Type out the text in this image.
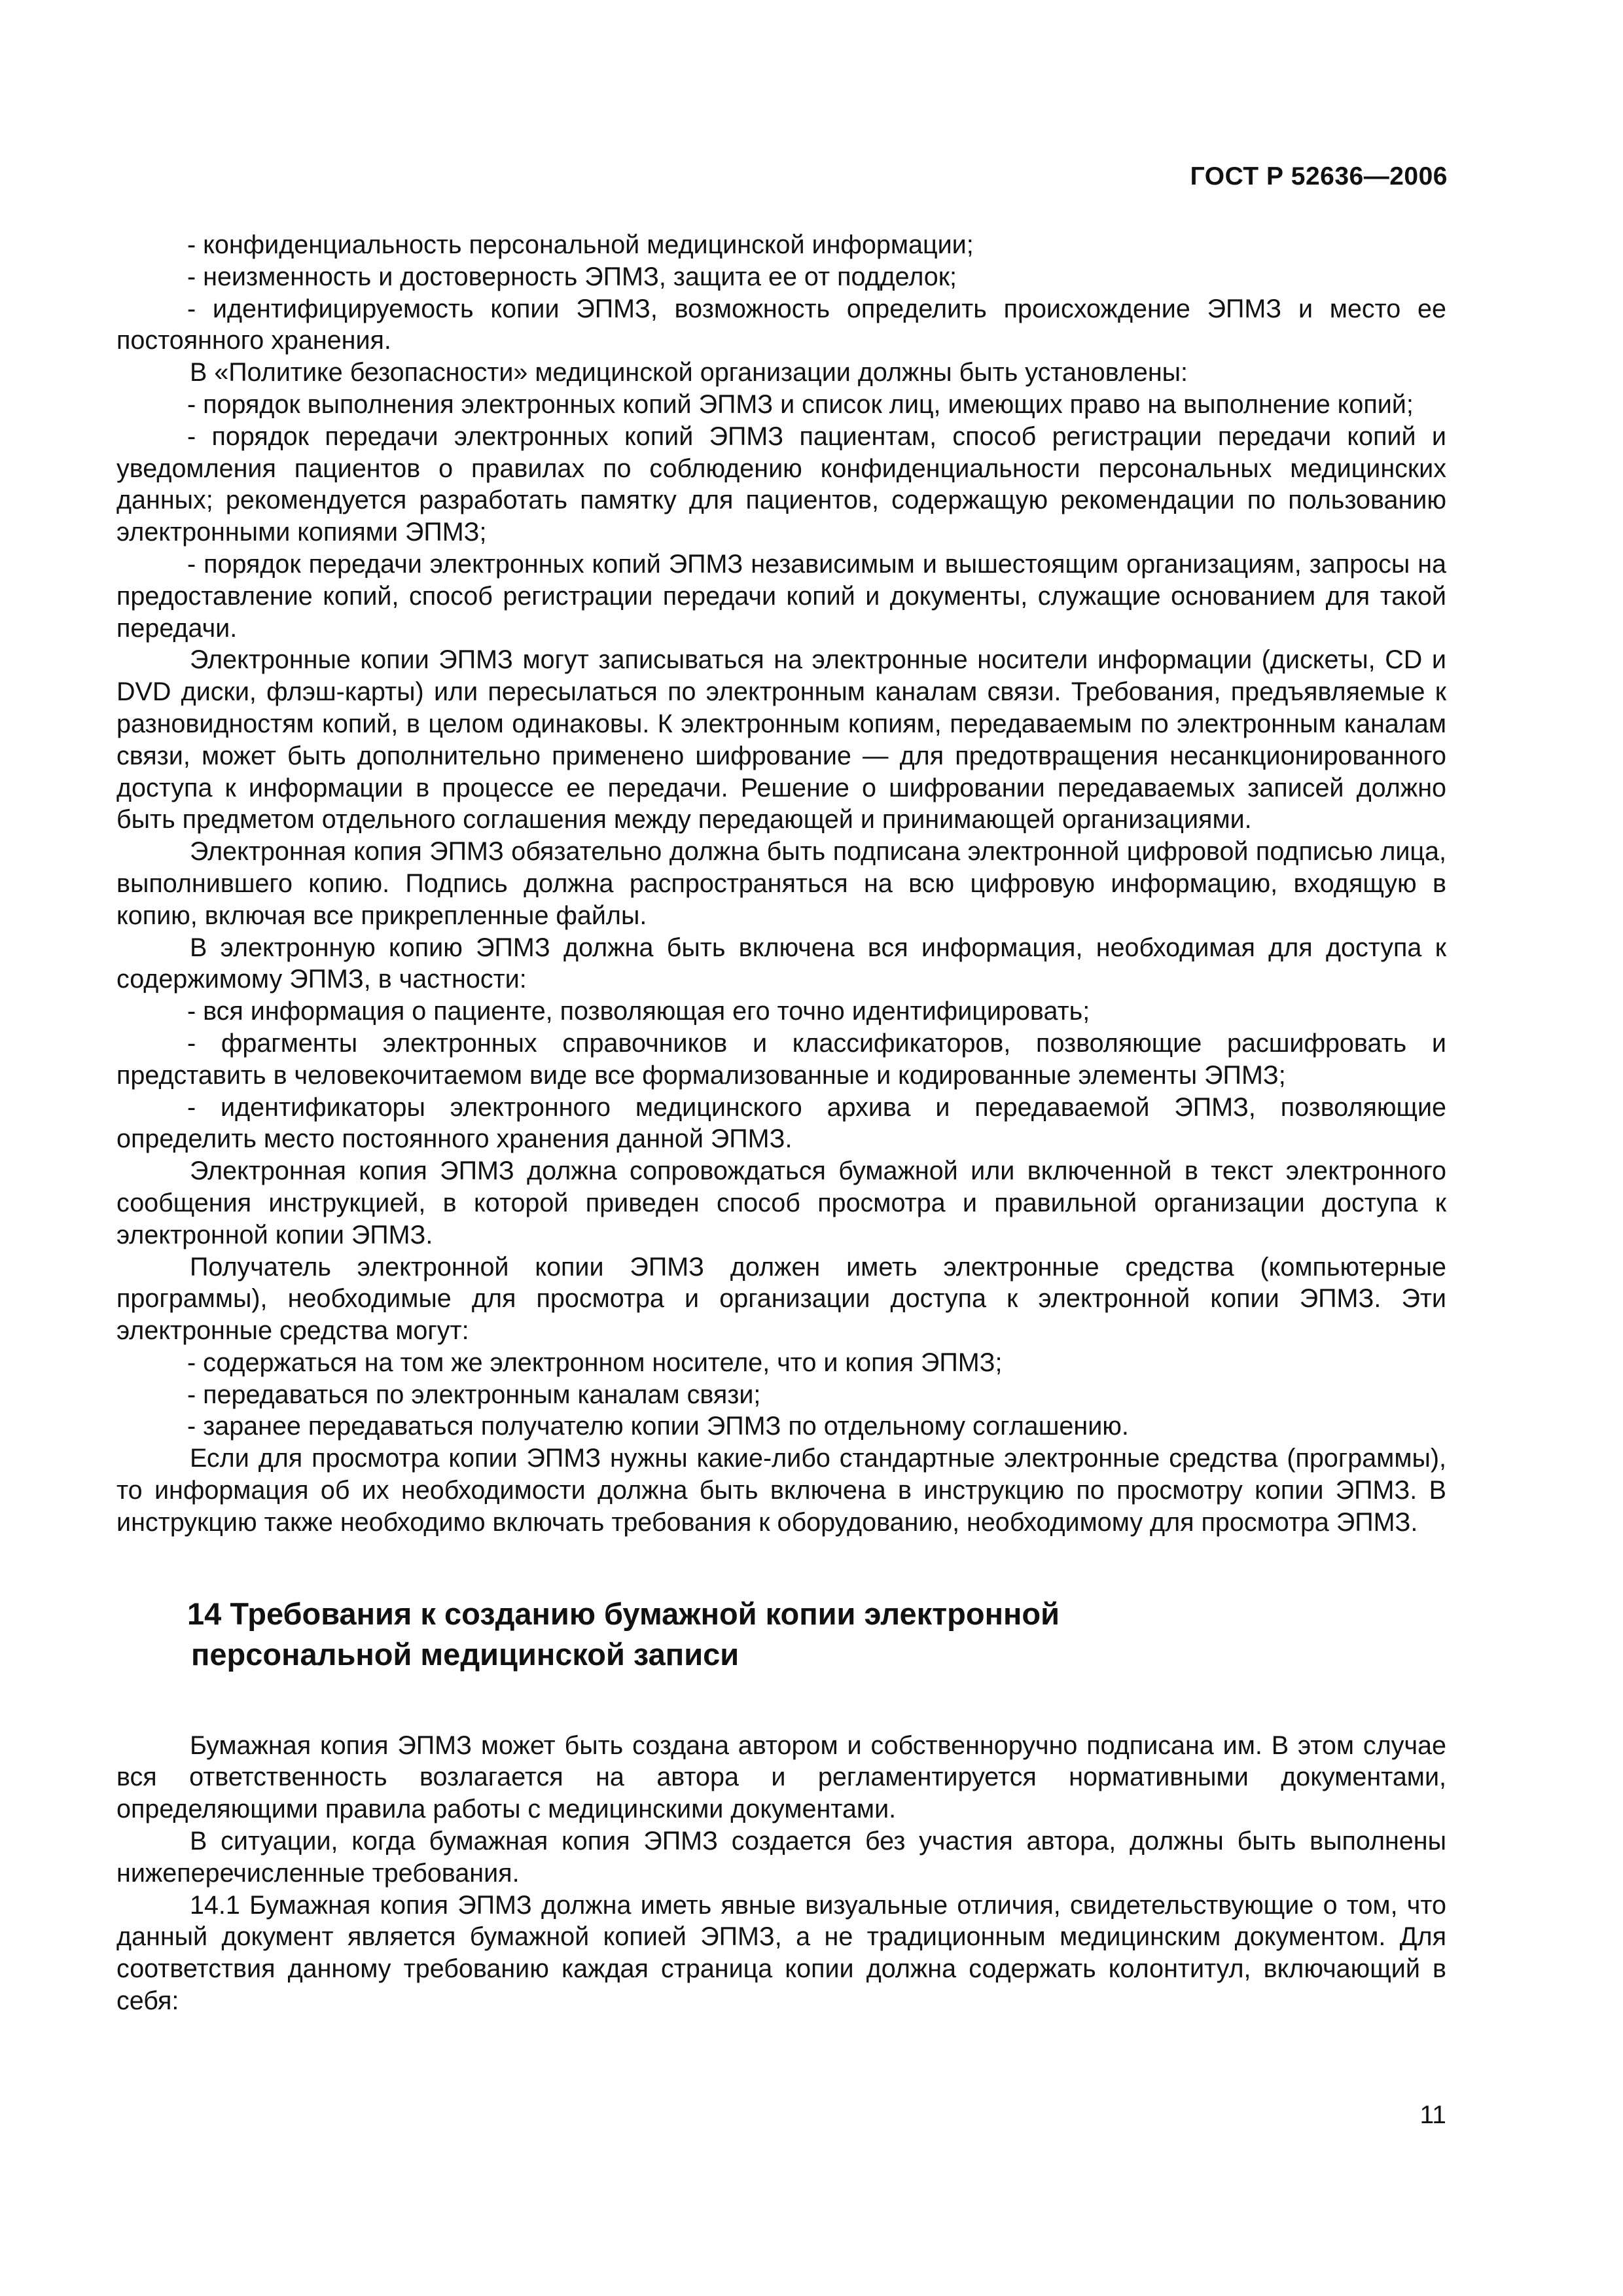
ГОСТ Р 52636—2006

- конфиденциальность персональной медицинской информации;

- неизменность и достоверность ЭПМЗ, защита ее от подделок;

- идентифицируемость копии ЭПМЗ, возможность определить происхождение ЭПМЗ и место ее постоянного хранения.

В «Политике безопасности» медицинской организации должны быть установлены:

- порядок выполнения электронных копий ЭПМЗ и список лиц, имеющих право на выполнение копий;

- порядок передачи электронных копий ЭПМЗ пациентам, способ регистрации передачи копий и уведомления пациентов о правилах по соблюдению конфиденциальности персональных медицинских данных; рекомендуется разработать памятку для пациентов, содержащую рекомендации по пользованию электронными копиями ЭПМЗ;

- порядок передачи электронных копий ЭПМЗ независимым и вышестоящим организациям, запросы на предоставление копий, способ регистрации передачи копий и документы, служащие основанием для такой передачи.

Электронные копии ЭПМЗ могут записываться на электронные носители информации (дискеты, CD и DVD диски, флэш-карты) или пересылаться по электронным каналам связи. Требования, предъявляемые к разновидностям копий, в целом одинаковы. К электронным копиям, передаваемым по электронным каналам связи, может быть дополнительно применено шифрование — для предотвращения несанкционированного доступа к информации в процессе ее передачи. Решение о шифровании передаваемых записей должно быть предметом отдельного соглашения между передающей и принимающей организациями.

Электронная копия ЭПМЗ обязательно должна быть подписана электронной цифровой подписью лица, выполнившего копию. Подпись должна распространяться на всю цифровую информацию, входящую в копию, включая все прикрепленные файлы.

В электронную копию ЭПМЗ должна быть включена вся информация, необходимая для доступа к содержимому ЭПМЗ, в частности:

- вся информация о пациенте, позволяющая его точно идентифицировать;

- фрагменты электронных справочников и классификаторов, позволяющие расшифровать и представить в человекочитаемом виде все формализованные и кодированные элементы ЭПМЗ;

- идентификаторы электронного медицинского архива и передаваемой ЭПМЗ, позволяющие определить место постоянного хранения данной ЭПМЗ.

Электронная копия ЭПМЗ должна сопровождаться бумажной или включенной в текст электронного сообщения инструкцией, в которой приведен способ просмотра и правильной организации доступа к электронной копии ЭПМЗ.

Получатель электронной копии ЭПМЗ должен иметь электронные средства (компьютерные программы), необходимые для просмотра и организации доступа к электронной копии ЭПМЗ. Эти электронные средства могут:

- содержаться на том же электронном носителе, что и копия ЭПМЗ;

- передаваться по электронным каналам связи;

- заранее передаваться получателю копии ЭПМЗ по отдельному соглашению.

Если для просмотра копии ЭПМЗ нужны какие-либо стандартные электронные средства (программы), то информация об их необходимости должна быть включена в инструкцию по просмотру копии ЭПМЗ. В инструкцию также необходимо включать требования к оборудованию, необходимому для просмотра ЭПМЗ.

14 Требования к созданию бумажной копии электронной
персональной медицинской записи

Бумажная копия ЭПМЗ может быть создана автором и собственноручно подписана им. В этом случае вся ответственность возлагается на автора и регламентируется нормативными документами, определяющими правила работы с медицинскими документами.

В ситуации, когда бумажная копия ЭПМЗ создается без участия автора, должны быть выполнены нижеперечисленные требования.

14.1 Бумажная копия ЭПМЗ должна иметь явные визуальные отличия, свидетельствующие о том, что данный документ является бумажной копией ЭПМЗ, а не традиционным медицинским документом. Для соответствия данному требованию каждая страница копии должна содержать колонтитул, включающий в себя:

11
